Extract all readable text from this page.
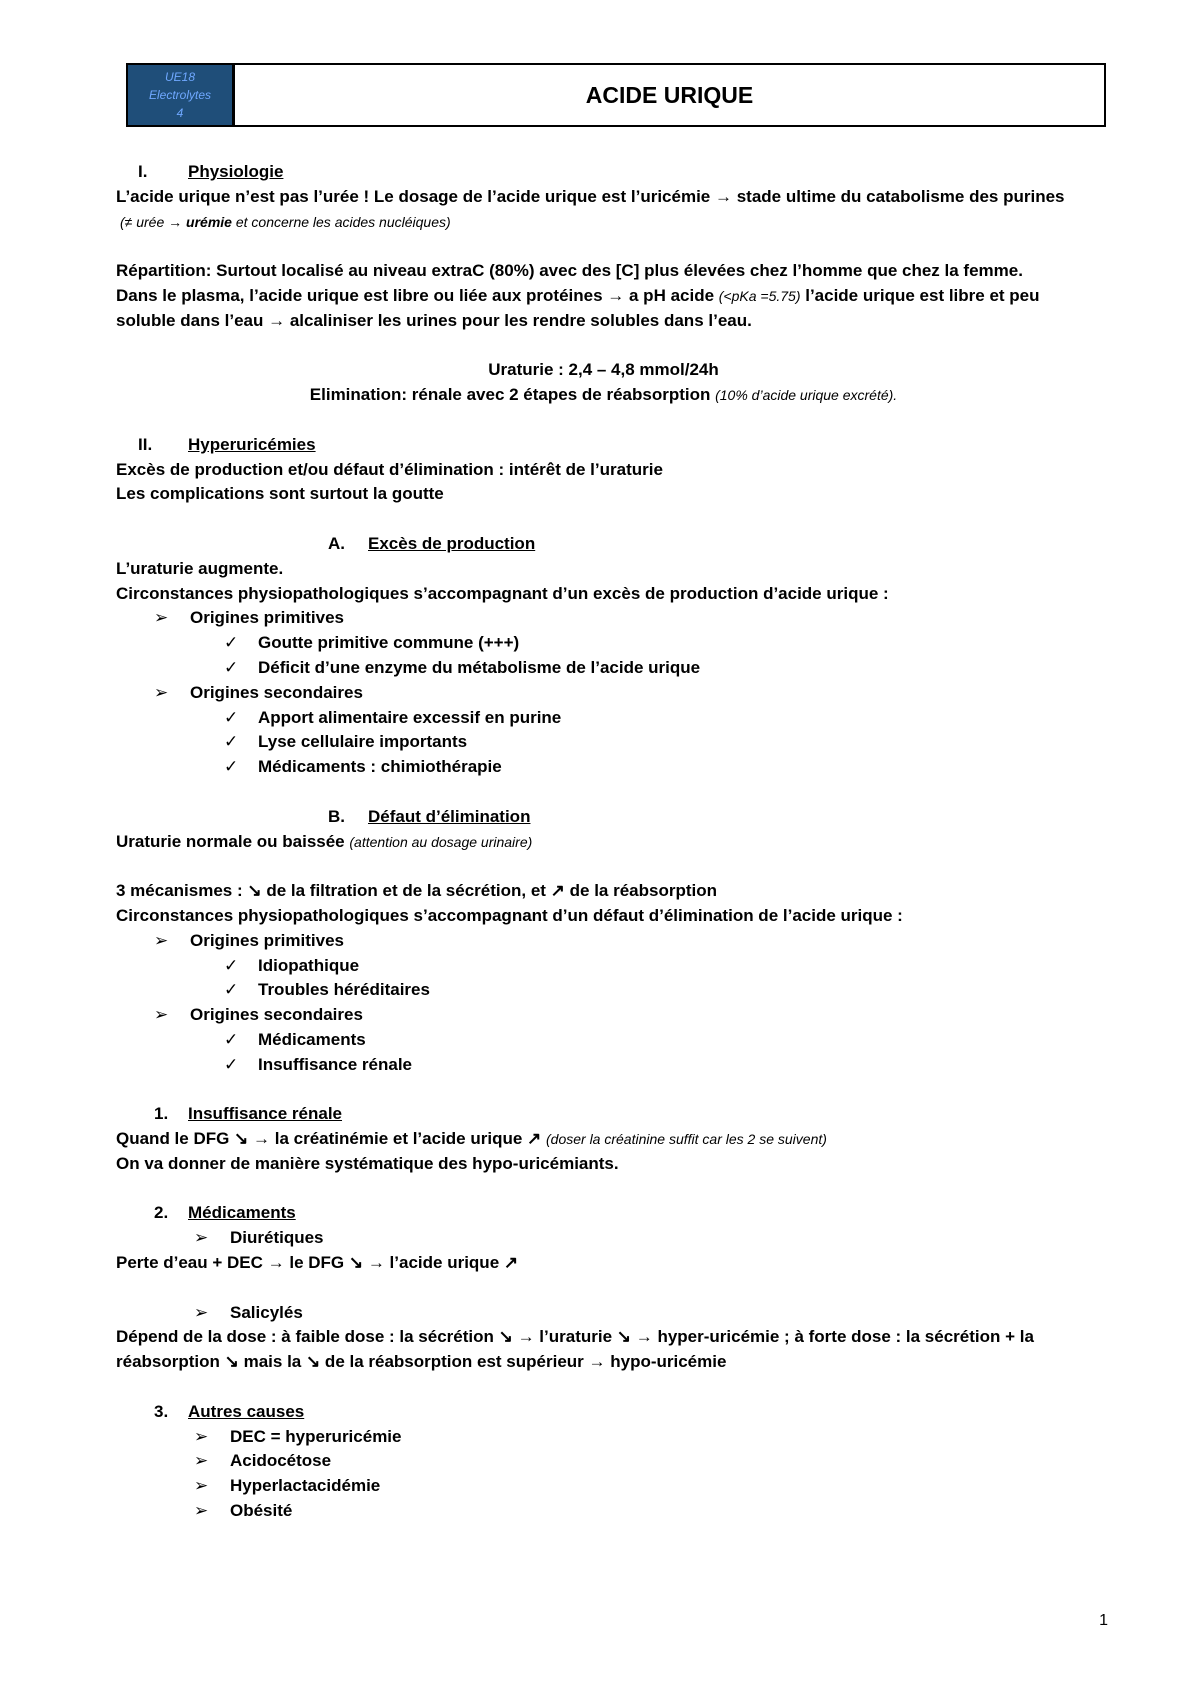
UE18
Electrolytes
4
ACIDE URIQUE
I. Physiologie
L’acide urique n’est pas l’urée ! Le dosage de l’acide urique est l’uricémie → stade ultime du catabolisme des purines
(≠ urée → urémie et concerne les acides nucléiques)
Répartition: Surtout localisé au niveau extraC (80%) avec des [C] plus élevées chez l’homme que chez la femme.
Dans le plasma, l’acide urique est libre ou liée aux protéines → a pH acide (<pKa =5.75) l’acide urique est libre et peu soluble dans l’eau → alcaliniser les urines pour les rendre solubles dans l’eau.
Uraturie : 2,4 – 4,8 mmol/24h
Elimination: rénale avec 2 étapes de réabsorption (10% d’acide urique excrété).
II. Hyperuricémies
Excès de production et/ou défaut d’élimination : intérêt de l’uraturie
Les complications sont surtout la goutte
A. Excès de production
L’uraturie augmente.
Circonstances physiopathologiques s’accompagnant d’un excès de production d’acide urique :
➢ Origines primitives
✓ Goutte primitive commune (+++)
✓ Déficit d’une enzyme du métabolisme de l’acide urique
➢ Origines secondaires
✓ Apport alimentaire excessif en purine
✓ Lyse cellulaire importants
✓ Médicaments : chimiothérapie
B. Défaut d’élimination
Uraturie normale ou baissée (attention au dosage urinaire)
3 mécanismes : ↘ de la filtration et de la sécrétion, et ↗ de la réabsorption
Circonstances physiopathologiques s’accompagnant d’un défaut d’élimination de l’acide urique :
➢ Origines primitives
✓ Idiopathique
✓ Troubles héréditaires
➢ Origines secondaires
✓ Médicaments
✓ Insuffisance rénale
1. Insuffisance rénale
Quand le DFG ↘ → la créatinémie et l’acide urique ↗ (doser la créatinine suffit car les 2 se suivent)
On va donner de manière systématique des hypo-uricémiants.
2. Médicaments
➢ Diurétiques
Perte d’eau + DEC → le DFG ↘ → l’acide urique ↗
➢ Salicylés
Dépend de la dose : à faible dose : la sécrétion ↘ → l’uraturie ↘ → hyper-uricémie ; à forte dose : la sécrétion + la réabsorption ↘ mais la ↘ de la réabsorption est supérieur → hypo-uricémie
3. Autres causes
➢ DEC = hyperuricémie
➢ Acidocétose
➢ Hyperlactacidémie
➢ Obésité
1
